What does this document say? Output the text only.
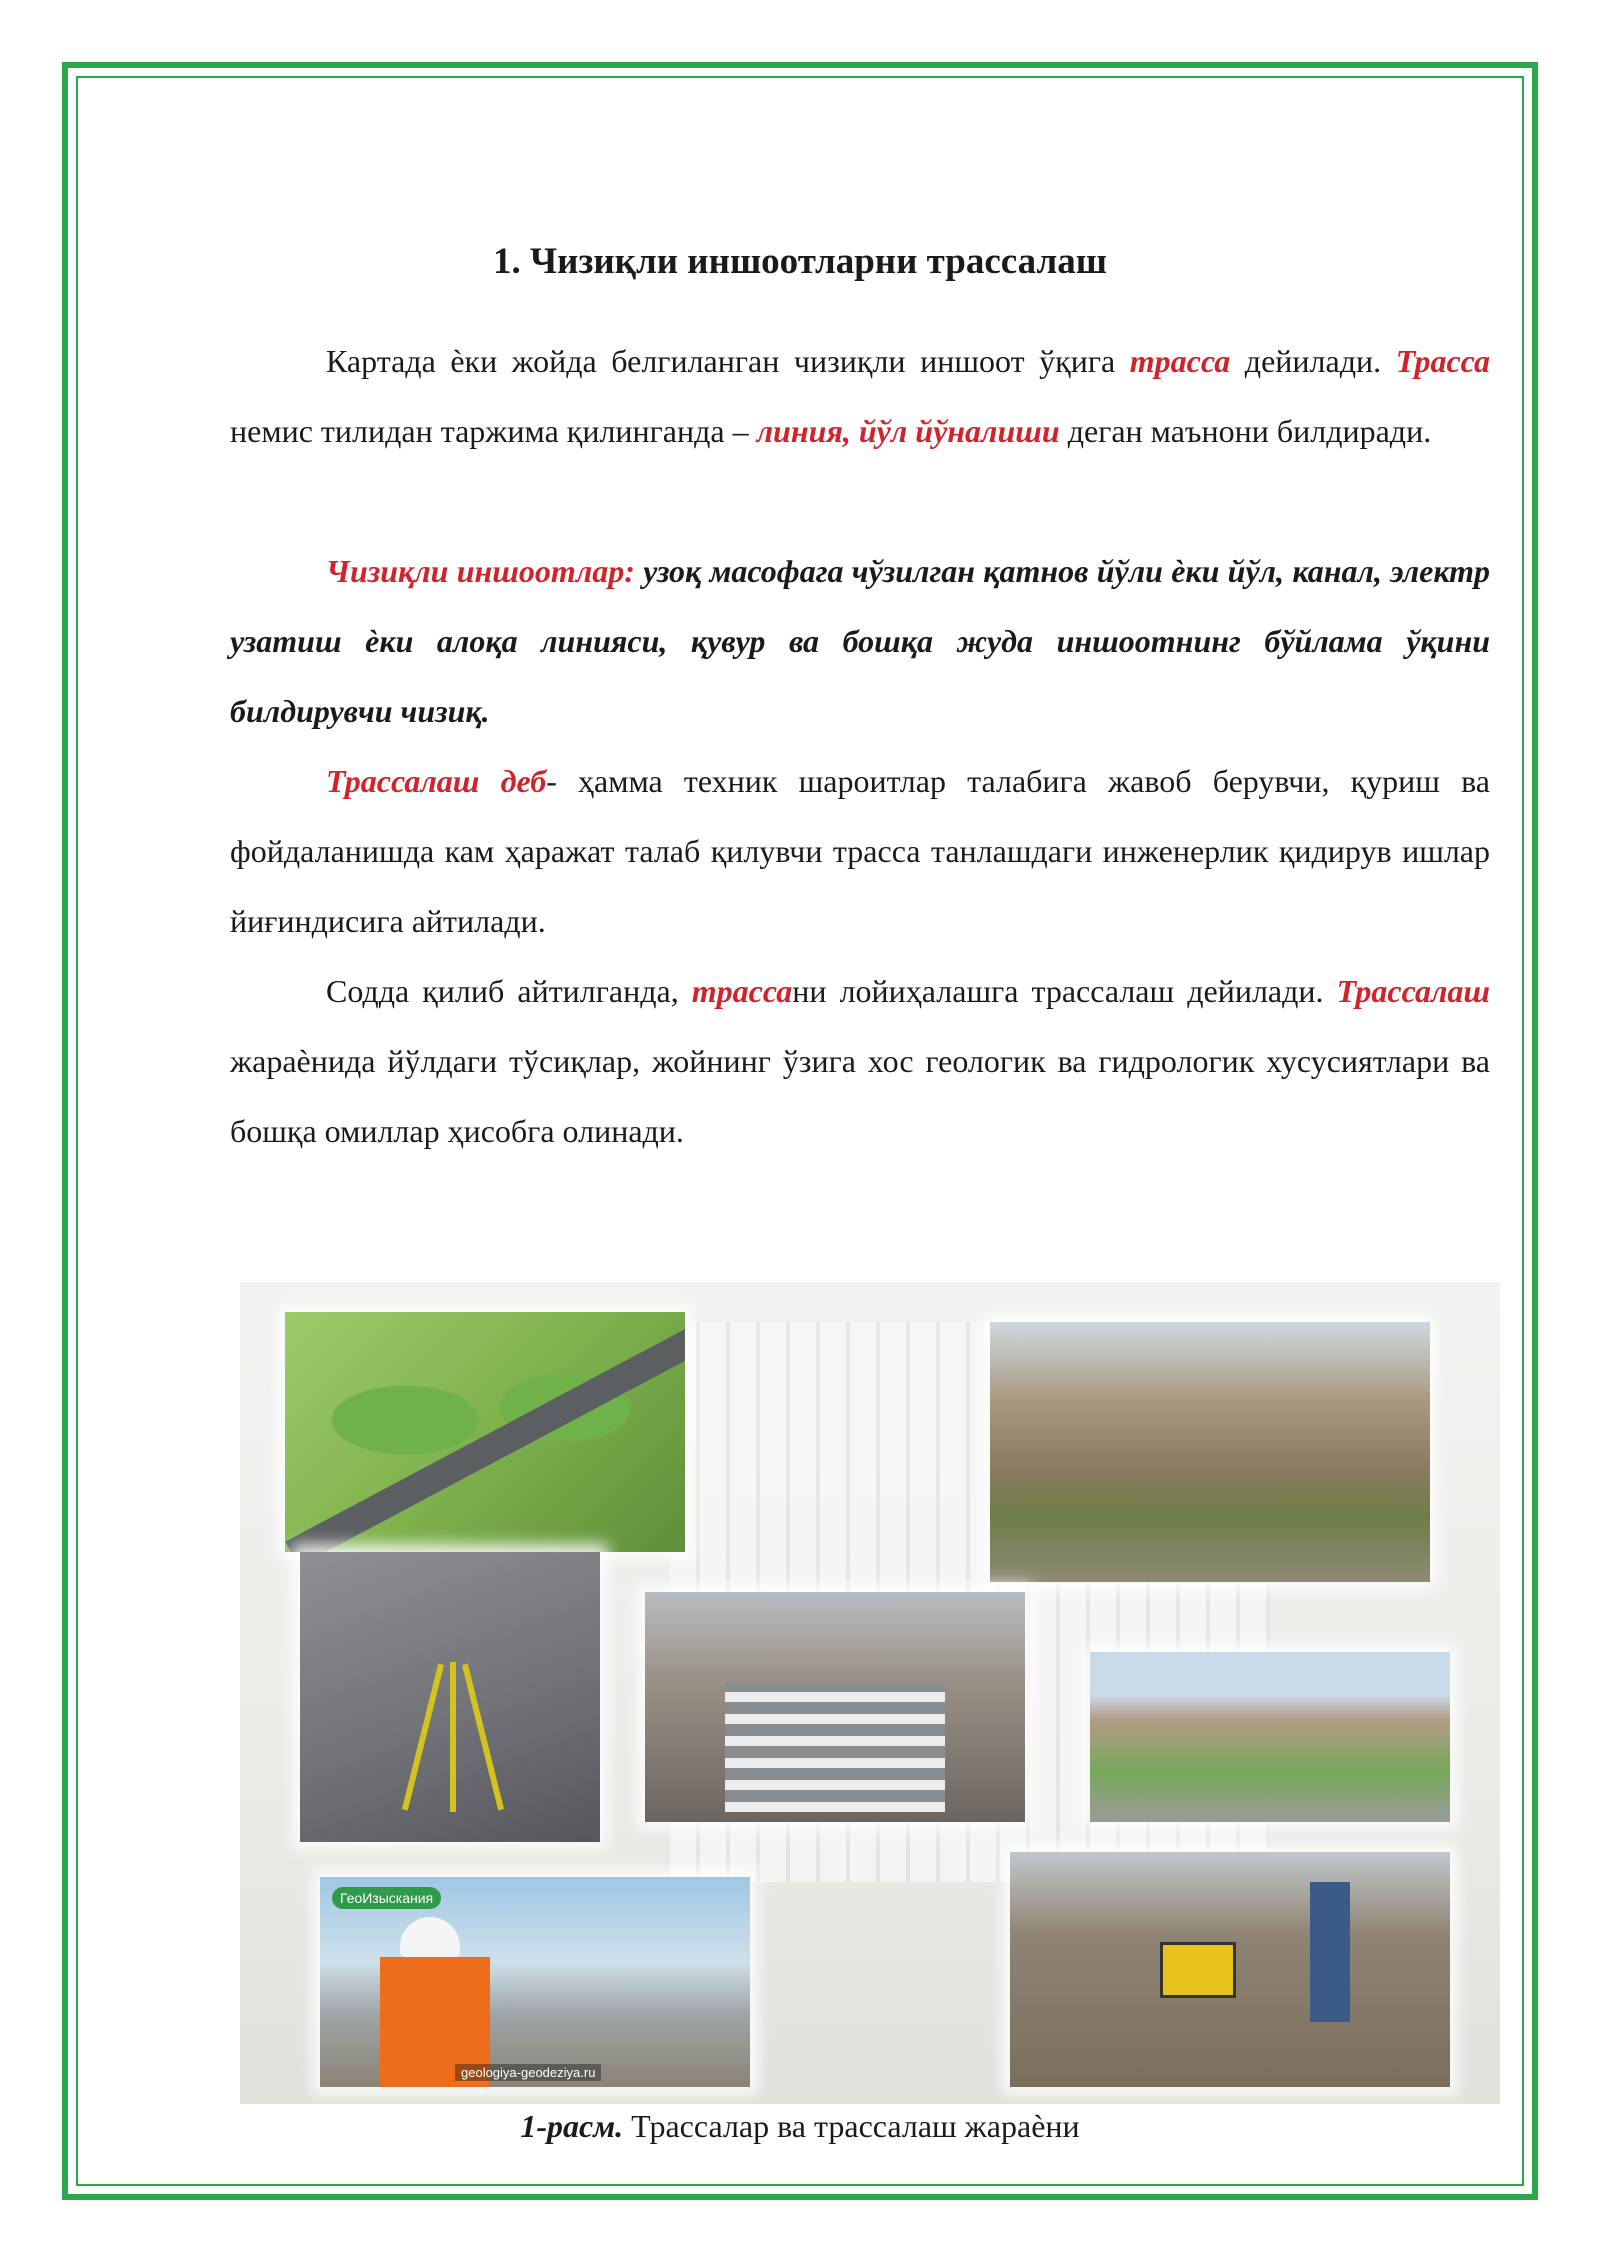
1. Чизиқли иншоотларни трассалаш

Картада ѐки жойда белгиланган чизиқли иншоот ўқига трасса дейилади. Трасса немис тилидан таржима қилинганда – линия, йўл йўналиши деган маънони билдиради.

Чизиқли иншоотлар: узоқ масофага чўзилган қатнов йўли ѐки йўл, канал, электр узатиш ѐки алоқа линияси, қувур ва бошқа жуда иншоотнинг бўйлама ўқини билдирувчи чизиқ.

Трассалаш деб- ҳамма техник шароитлар талабига жавоб берувчи, қуриш ва фойдаланишда кам ҳаражат талаб қилувчи трасса танлашдаги инженерлик қидирув ишлар йиғиндисига айтилади.

Содда қилиб айтилганда, трассани лойиҳалашга трассалаш дейилади. Трассалаш жараѐнида йўлдаги тўсиқлар, жойнинг ўзига хос геологик ва гидрологик хусусиятлари ва бошқа омиллар ҳисобга олинади.

ГеоИзыскания
geologiya-geodeziya.ru
1-расм. Трассалар ва трассалаш жараѐни
